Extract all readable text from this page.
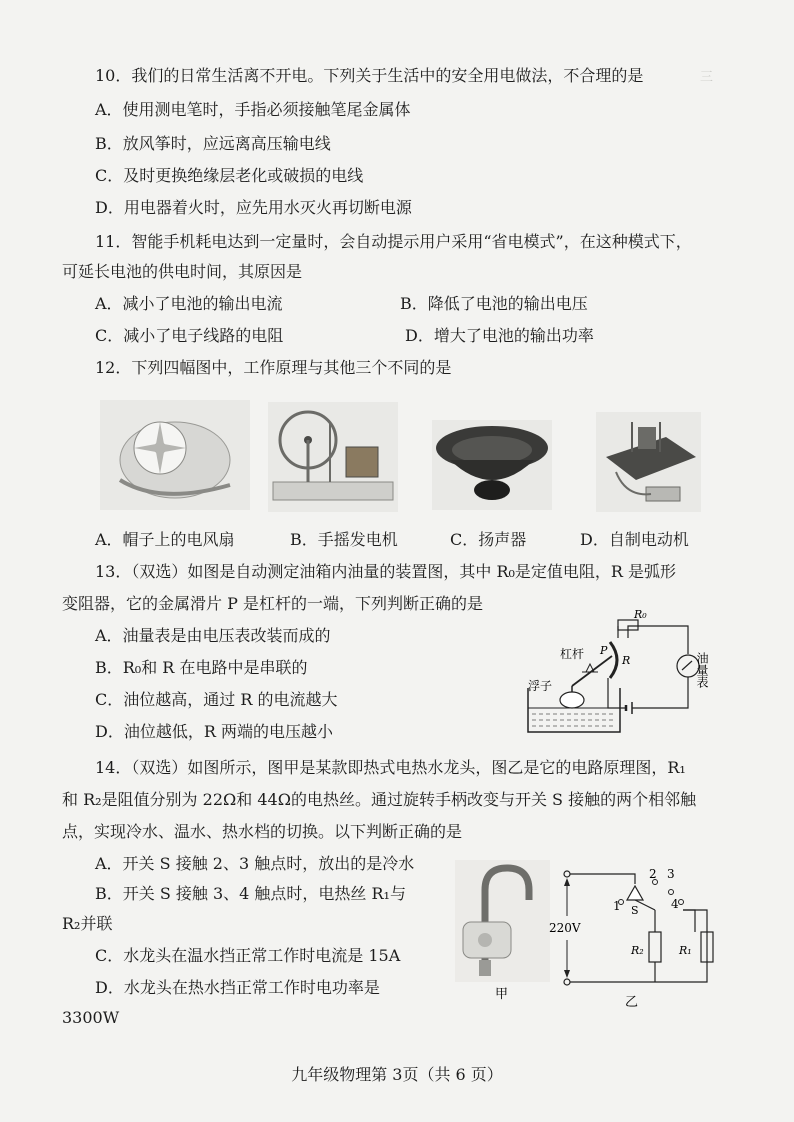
三
10．我们的日常生活离不开电。下列关于生活中的安全用电做法，不合理的是
A．使用测电笔时，手指必须接触笔尾金属体
B．放风筝时，应远离高压输电线
C．及时更换绝缘层老化或破损的电线
D．用电器着火时，应先用水灭火再切断电源
11．智能手机耗电达到一定量时，会自动提示用户采用“省电模式”，在这种模式下，
可延长电池的供电时间，其原因是
A．减小了电池的输出电流	B．降低了电池的输出电压
C．减小了电子线路的电阻	D．增大了电池的输出功率
12．下列四幅图中，工作原理与其他三个不同的是
A．帽子上的电风扇	B．手摇发电机	C．扬声器	D．自制电动机
13．（双选）如图是自动测定油箱内油量的装置图，其中 R₀是定值电阻，R 是弧形
变阻器，它的金属滑片 P 是杠杆的一端，下列判断正确的是
A．油量表是由电压表改装而成的
B．R₀和 R 在电路中是串联的
C．油位越高，通过 R 的电流越大
D．油位越低，R 两端的电压越小
R₀
杠杆 P
R
浮子	油量表
14．（双选）如图所示，图甲是某款即热式电热水龙头，图乙是它的电路原理图，R₁
和 R₂是阻值分别为 22Ω和 44Ω的电热丝。通过旋转手柄改变与开关 S 接触的两个相邻触
点，实现冷水、温水、热水档的切换。以下判断正确的是
A．开关 S 接触 2、3 触点时，放出的是冷水
B．开关 S 接触 3、4 触点时，电热丝 R₁与
R₂并联
C．水龙头在温水挡正常工作时电流是 15A
D．水龙头在热水挡正常工作时电功率是
3300W
甲
220V
2 3
1	4
S
R₂	R₁
乙
九年级物理第 3页（共 6 页）
